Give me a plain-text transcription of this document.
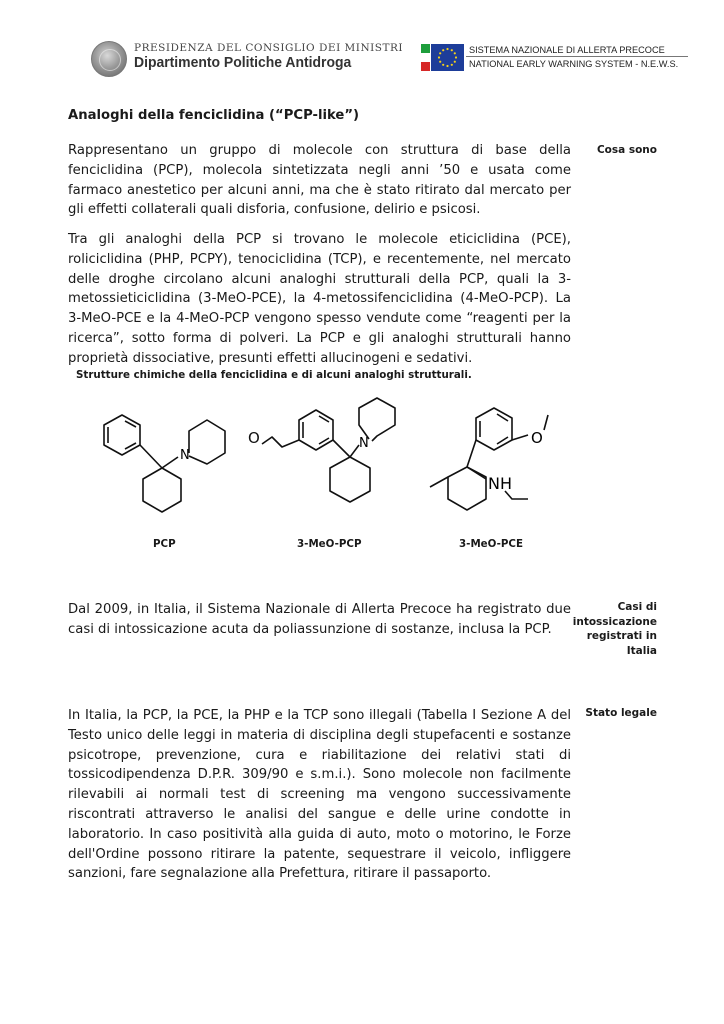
PRESIDENZA DEL CONSIGLIO DEI MINISTRI
Dipartimento Politiche Antidroga
SISTEMA NAZIONALE DI ALLERTA PRECOCE
NATIONAL EARLY WARNING SYSTEM - N.E.W.S.
Analoghi della fenciclidina (“PCP-like”)
Rappresentano un gruppo di molecole con struttura di base della fenciclidina (PCP), molecola sintetizzata negli anni ’50 e usata come farmaco anestetico per alcuni anni, ma che è stato ritirato dal mercato per gli effetti collaterali quali disforia, confusione, delirio e psicosi.
Cosa sono
Tra gli analoghi della PCP si trovano le molecole eticiclidina (PCE), roliciclidina (PHP, PCPY), tenociclidina (TCP), e recentemente, nel mercato delle droghe circolano alcuni analoghi strutturali della PCP, quali la 3-metossieticiclidina (3-MeO-PCE), la 4-metossifenciclidina (4-MeO-PCP). La 3-MeO-PCE e la 4-MeO-PCP vengono spesso vendute come “reagenti per la ricerca”, sotto forma di polveri. La PCP e gli analoghi strutturali hanno proprietà dissociative, presunti effetti allucinogeni e sedativi.
Strutture chimiche della fenciclidina e di alcuni analoghi strutturali.
N
N	O
NH
O
PCP	3-MeO-PCP	3-MeO-PCE
Dal 2009, in Italia, il Sistema Nazionale di Allerta Precoce ha registrato due casi di intossicazione acuta da poliassunzione di sostanze, inclusa la PCP.
Casi di intossicazione registrati in Italia
In Italia, la PCP, la PCE, la PHP e la TCP sono illegali (Tabella I Sezione A del Testo unico delle leggi in materia di disciplina degli stupefacenti e sostanze psicotrope, prevenzione, cura e riabilitazione dei relativi stati di tossicodipendenza D.P.R. 309/90 e s.m.i.). Sono molecole non facilmente rilevabili ai normali test di screening ma vengono successivamente riscontrati attraverso le analisi del sangue e delle urine condotte in laboratorio. In caso positività alla guida di auto, moto o motorino, le Forze dell'Ordine possono ritirare la patente, sequestrare il veicolo, infliggere sanzioni, fare segnalazione alla Prefettura, ritirare il passaporto.
Stato legale
